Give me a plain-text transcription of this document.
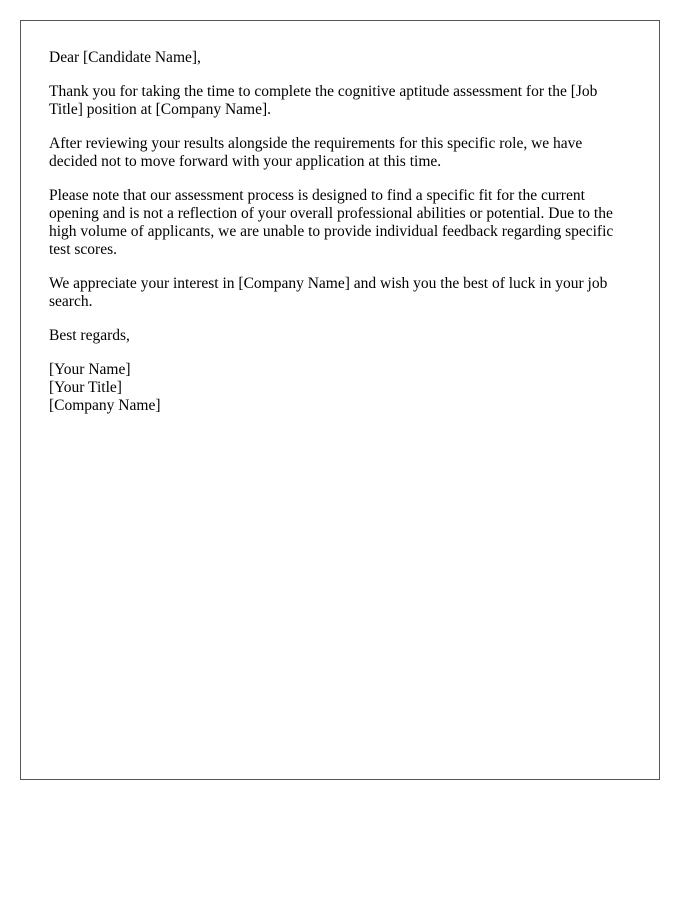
Dear [Candidate Name],

Thank you for taking the time to complete the cognitive aptitude assessment for the [Job Title] position at [Company Name].

After reviewing your results alongside the requirements for this specific role, we have decided not to move forward with your application at this time.

Please note that our assessment process is designed to find a specific fit for the current opening and is not a reflection of your overall professional abilities or potential. Due to the high volume of applicants, we are unable to provide individual feedback regarding specific test scores.

We appreciate your interest in [Company Name] and wish you the best of luck in your job search.

Best regards,

[Your Name]
[Your Title]
[Company Name]
